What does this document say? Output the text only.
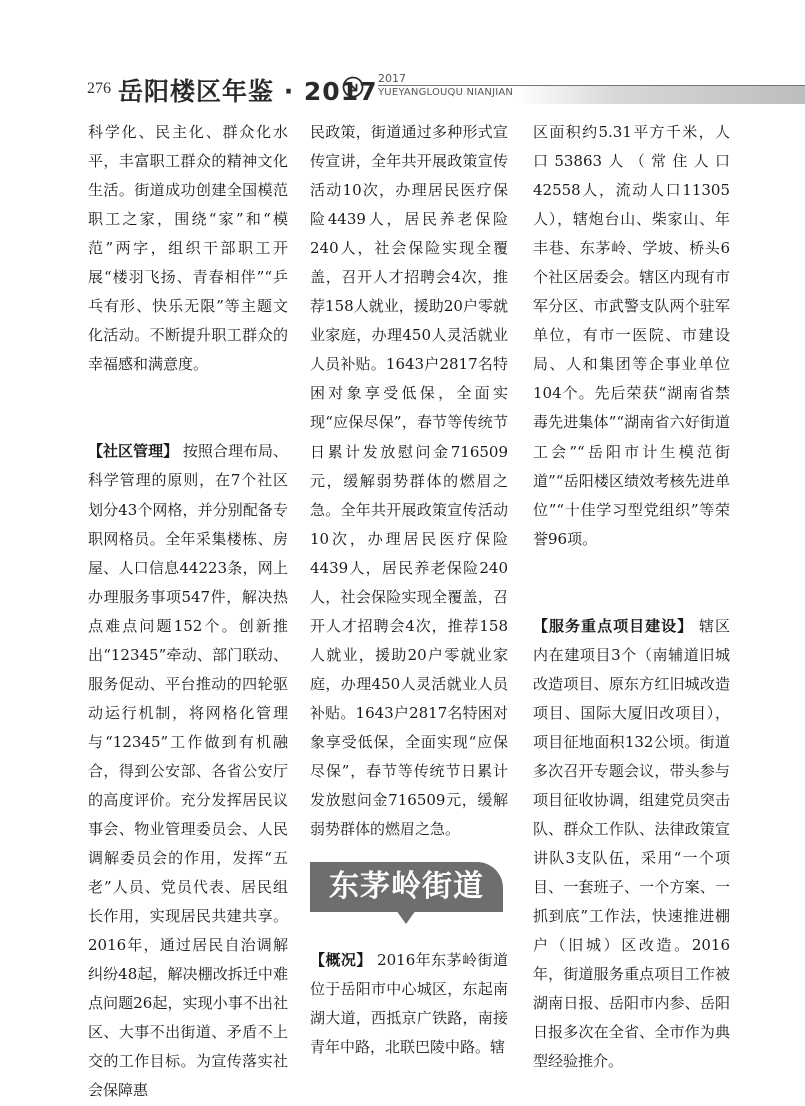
276 岳阳楼区年鉴 · 2017 2017
YUEYANGLOUQU NIANJIAN

科学化、民主化、群众化水平，丰富职工群众的精神文化生活。街道成功创建全国模范职工之家，围绕“家”和“模范”两字，组织干部职工开展“楼羽飞扬、青春相伴”“乒乓有形、快乐无限”等主题文化活动。不断提升职工群众的幸福感和满意度。

【社区管理】 按照合理布局、科学管理的原则，在7个社区划分43个网格，并分别配备专职网格员。全年采集楼栋、房屋、人口信息44223条，网上办理服务事项547件，解决热点难点问题152个。创新推出“12345”牵动、部门联动、服务促动、平台推动的四轮驱动运行机制，将网格化管理与“12345”工作做到有机融合，得到公安部、各省公安厅的高度评价。充分发挥居民议事会、物业管理委员会、人民调解委员会的作用，发挥“五老”人员、党员代表、居民组长作用，实现居民共建共享。2016年，通过居民自治调解纠纷48起，解决棚改拆迁中难点问题26起，实现小事不出社区、大事不出街道、矛盾不上交的工作目标。为宣传落实社会保障惠

民政策，街道通过多种形式宣传宣讲，全年共开展政策宣传活动10次，办理居民医疗保险4439人，居民养老保险240人，社会保险实现全覆盖，召开人才招聘会4次，推荐158人就业，援助20户零就业家庭，办理450人灵活就业人员补贴。1643户2817名特困对象享受低保，全面实现“应保尽保”，春节等传统节日累计发放慰问金716509元，缓解弱势群体的燃眉之急。全年共开展政策宣传活动10次，办理居民医疗保险4439人，居民养老保险240人，社会保险实现全覆盖，召开人才招聘会4次，推荐158人就业，援助20户零就业家庭，办理450人灵活就业人员补贴。1643户2817名特困对象享受低保，全面实现“应保尽保”，春节等传统节日累计发放慰问金716509元，缓解弱势群体的燃眉之急。

东茅岭街道

【概况】 2016年东茅岭街道位于岳阳市中心城区，东起南湖大道，西抵京广铁路，南接青年中路，北联巴陵中路。辖

区面积约5.31平方千米，人口53863人（常住人口42558人，流动人口11305人），辖炮台山、柴家山、年丰巷、东茅岭、学坡、桥头6个社区居委会。辖区内现有市军分区、市武警支队两个驻军单位，有市一医院、市建设局、人和集团等企事业单位104个。先后荣获“湖南省禁毒先进集体”“湖南省六好街道工会”“岳阳市计生模范街道”“岳阳楼区绩效考核先进单位”“十佳学习型党组织”等荣誉96项。

【服务重点项目建设】 辖区内在建项目3个（南辅道旧城改造项目、原东方红旧城改造项目、国际大厦旧改项目），项目征地面积132公顷。街道多次召开专题会议，带头参与项目征收协调，组建党员突击队、群众工作队、法律政策宣讲队3支队伍，采用“一个项目、一套班子、一个方案、一抓到底”工作法，快速推进棚户（旧城）区改造。2016年，街道服务重点项目工作被湖南日报、岳阳市内参、岳阳日报多次在全省、全市作为典型经验推介。
